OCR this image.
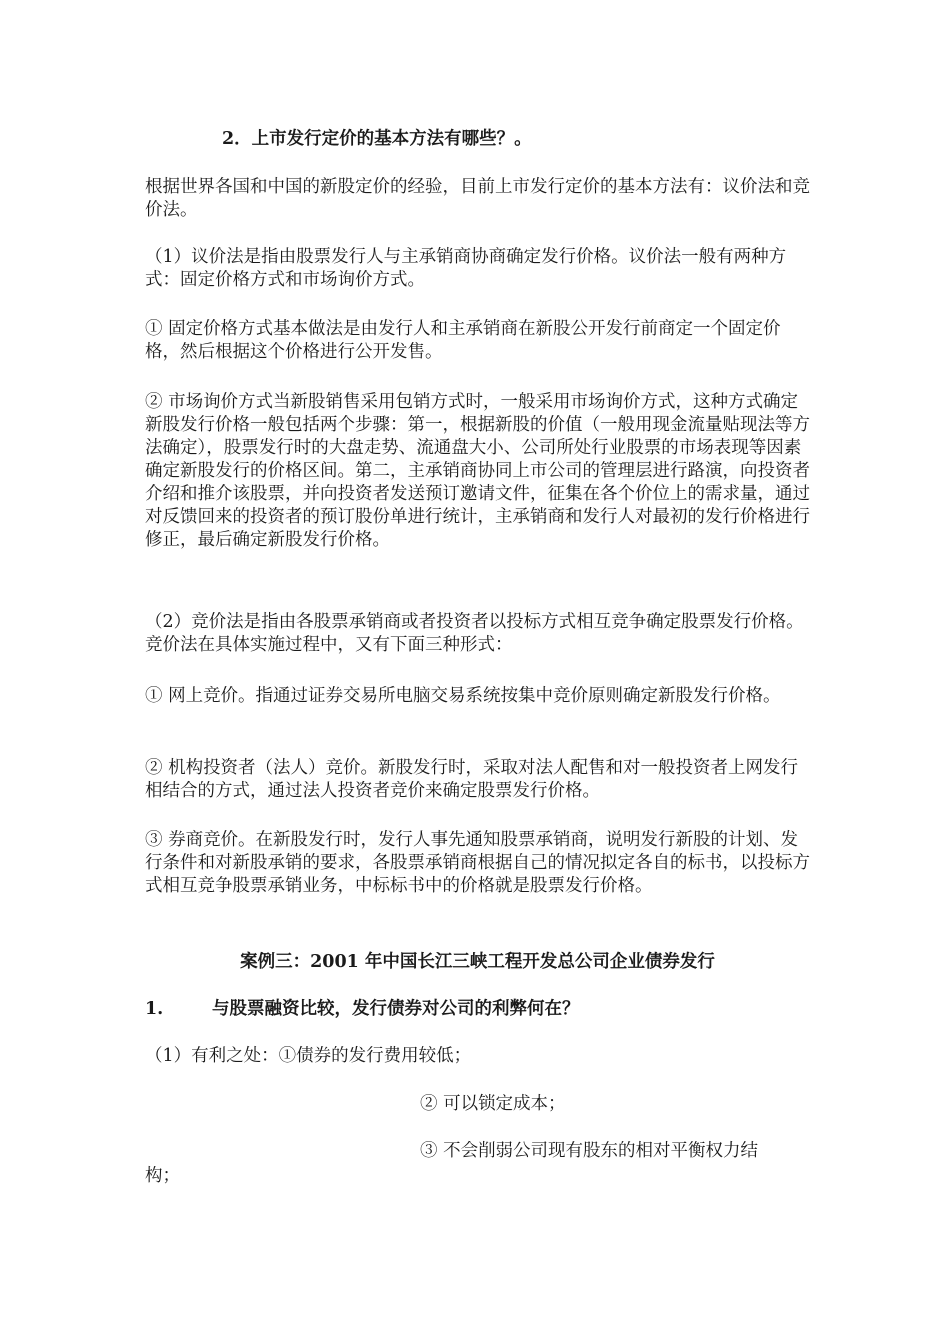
2．上市发行定价的基本方法有哪些？。
根据世界各国和中国的新股定价的经验，目前上市发行定价的基本方法有：议价法和竞价法。
（1）议价法是指由股票发行人与主承销商协商确定发行价格。议价法一般有两种方式：固定价格方式和市场询价方式。
① 固定价格方式基本做法是由发行人和主承销商在新股公开发行前商定一个固定价格，然后根据这个价格进行公开发售。
② 市场询价方式当新股销售采用包销方式时，一般采用市场询价方式，这种方式确定新股发行价格一般包括两个步骤：第一，根据新股的价值（一般用现金流量贴现法等方法确定），股票发行时的大盘走势、流通盘大小、公司所处行业股票的市场表现等因素确定新股发行的价格区间。第二，主承销商协同上市公司的管理层进行路演，向投资者介绍和推介该股票，并向投资者发送预订邀请文件，征集在各个价位上的需求量，通过对反馈回来的投资者的预订股份单进行统计，主承销商和发行人对最初的发行价格进行修正，最后确定新股发行价格。
（2）竞价法是指由各股票承销商或者投资者以投标方式相互竞争确定股票发行价格。竞价法在具体实施过程中，又有下面三种形式：
① 网上竞价。指通过证券交易所电脑交易系统按集中竞价原则确定新股发行价格。
② 机构投资者（法人）竞价。新股发行时，采取对法人配售和对一般投资者上网发行相结合的方式，通过法人投资者竞价来确定股票发行价格。
③ 券商竞价。在新股发行时，发行人事先通知股票承销商，说明发行新股的计划、发行条件和对新股承销的要求，各股票承销商根据自己的情况拟定各自的标书，以投标方式相互竞争股票承销业务，中标标书中的价格就是股票发行价格。
案例三：2001 年中国长江三峡工程开发总公司企业债券发行
1.	与股票融资比较，发行债券对公司的利弊何在？
（1）有利之处：①债券的发行费用较低；
② 可以锁定成本；
③ 不会削弱公司现有股东的相对平衡权力结
构；
